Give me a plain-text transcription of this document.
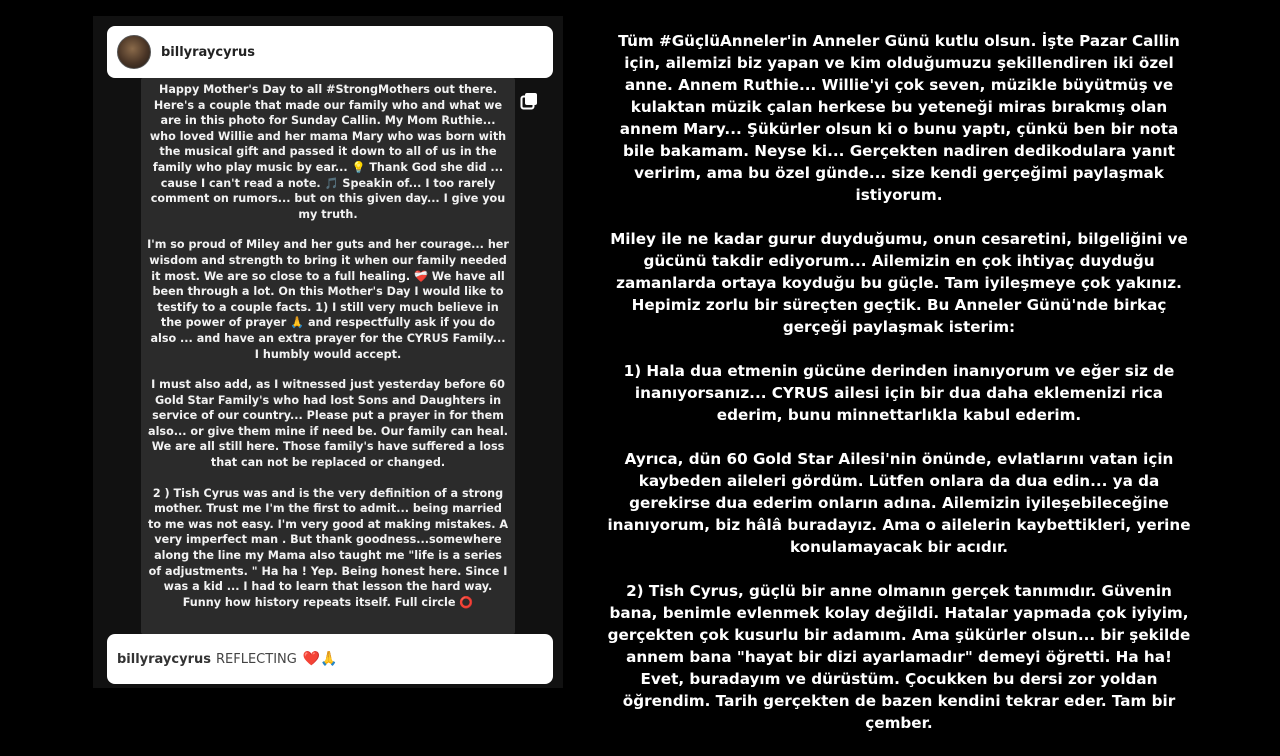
billyraycyrus

Happy Mother's Day to all #StrongMothers out there. Here's a couple that made our family who and what we are in this photo for Sunday Callin. My Mom Ruthie... who loved Willie and her mama Mary who was born with the musical gift and passed it down to all of us in the family who play music by ear... 💡 Thank God she did ... cause I can't read a note. 🎵 Speakin of... I too rarely comment on rumors... but on this given day... I give you my truth.

I'm so proud of Miley and her guts and her courage... her wisdom and strength to bring it when our family needed it most. We are so close to a full healing. ❤️‍🩹 We have all been through a lot. On this Mother's Day I would like to testify to a couple facts. 1) I still very much believe in the power of prayer 🙏 and respectfully ask if you do also ... and have an extra prayer for the CYRUS Family... I humbly would accept.

I must also add, as I witnessed just yesterday before 60 Gold Star Family's who had lost Sons and Daughters in service of our country... Please put a prayer in for them also... or give them mine if need be. Our family can heal. We are all still here. Those family's have suffered a loss that can not be replaced or changed.

2 ) Tish Cyrus was and is the very definition of a strong mother. Trust me I'm the first to admit... being married to me was not easy. I'm very good at making mistakes. A very imperfect man . But thank goodness...somewhere along the line my Mama also taught me "life is a series of adjustments. " Ha ha ! Yep. Being honest here. Since I was a kid ... I had to learn that lesson the hard way. Funny how history repeats itself. Full circle ⭕

billyraycyrus REFLECTING ❤️🙏

Tüm #GüçlüAnneler'in Anneler Günü kutlu olsun. İşte Pazar Callin için, ailemizi biz yapan ve kim olduğumuzu şekillendiren iki özel anne. Annem Ruthie... Willie'yi çok seven, müzikle büyütmüş ve kulaktan müzik çalan herkese bu yeteneği miras bırakmış olan annem Mary... Şükürler olsun ki o bunu yaptı, çünkü ben bir nota bile bakamam. Neyse ki... Gerçekten nadiren dedikodulara yanıt veririm, ama bu özel günde... size kendi gerçeğimi paylaşmak istiyorum.

Miley ile ne kadar gurur duyduğumu, onun cesaretini, bilgeliğini ve gücünü takdir ediyorum... Ailemizin en çok ihtiyaç duyduğu zamanlarda ortaya koyduğu bu güçle. Tam iyileşmeye çok yakınız. Hepimiz zorlu bir süreçten geçtik. Bu Anneler Günü'nde birkaç gerçeği paylaşmak isterim:

1) Hala dua etmenin gücüne derinden inanıyorum ve eğer siz de inanıyorsanız... CYRUS ailesi için bir dua daha eklemenizi rica ederim, bunu minnettarlıkla kabul ederim.

Ayrıca, dün 60 Gold Star Ailesi'nin önünde, evlatlarını vatan için kaybeden aileleri gördüm. Lütfen onlara da dua edin... ya da gerekirse dua ederim onların adına. Ailemizin iyileşebileceğine inanıyorum, biz hâlâ buradayız. Ama o ailelerin kaybettikleri, yerine konulamayacak bir acıdır.

2) Tish Cyrus, güçlü bir anne olmanın gerçek tanımıdır. Güvenin bana, benimle evlenmek kolay değildi. Hatalar yapmada çok iyiyim, gerçekten çok kusurlu bir adamım. Ama şükürler olsun... bir şekilde annem bana "hayat bir dizi ayarlamadır" demeyi öğretti. Ha ha! Evet, buradayım ve dürüstüm. Çocukken bu dersi zor yoldan öğrendim. Tarih gerçekten de bazen kendini tekrar eder. Tam bir çember.
